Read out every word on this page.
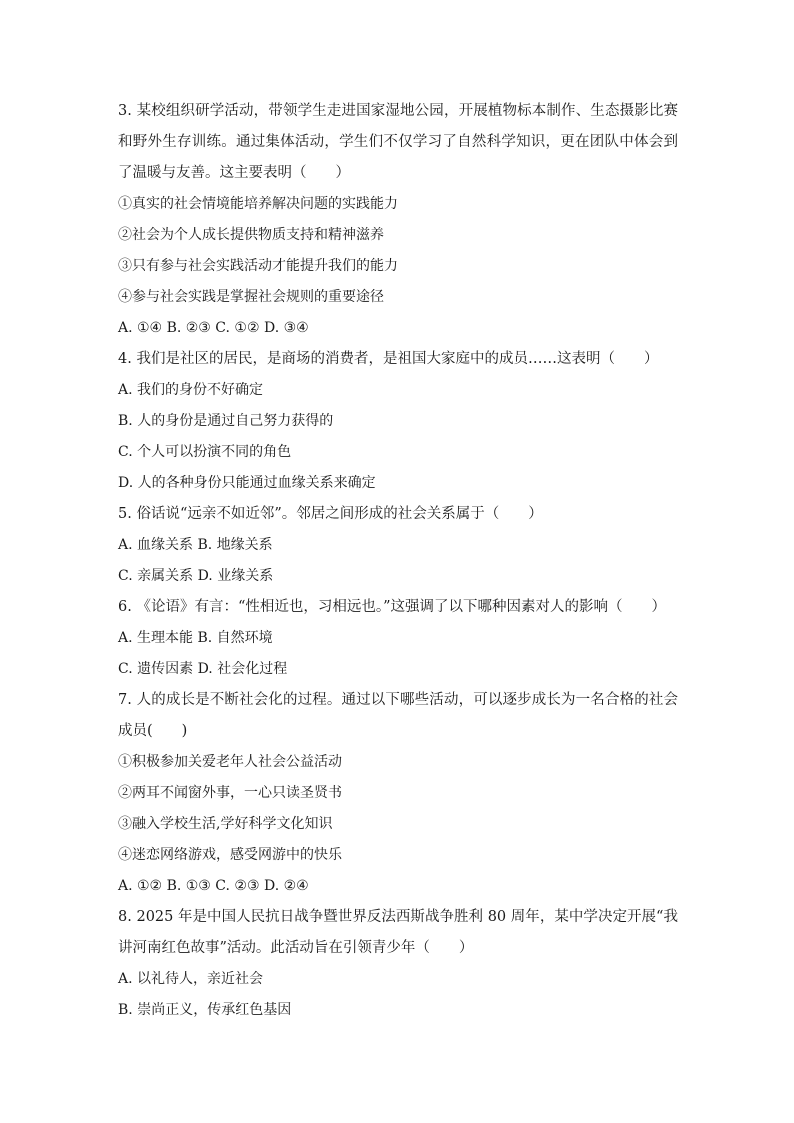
3. 某校组织研学活动，带领学生走进国家湿地公园，开展植物标本制作、生态摄影比赛和野外生存训练。通过集体活动，学生们不仅学习了自然科学知识，更在团队中体会到了温暖与友善。这主要表明（　　）

①真实的社会情境能培养解决问题的实践能力

②社会为个人成长提供物质支持和精神滋养

③只有参与社会实践活动才能提升我们的能力

④参与社会实践是掌握社会规则的重要途径

A. ①④ B. ②③ C. ①② D. ③④

4. 我们是社区的居民，是商场的消费者，是祖国大家庭中的成员……这表明（　　）

A. 我们的身份不好确定

B. 人的身份是通过自己努力获得的

C. 个人可以扮演不同的角色

D. 人的各种身份只能通过血缘关系来确定

5. 俗话说“远亲不如近邻”。邻居之间形成的社会关系属于（　　）

A. 血缘关系 B. 地缘关系

C. 亲属关系 D. 业缘关系

6. 《论语》有言：“性相近也，习相远也。”这强调了以下哪种因素对人的影响（　　）

A. 生理本能 B. 自然环境

C. 遗传因素 D. 社会化过程

7. 人的成长是不断社会化的过程。通过以下哪些活动，可以逐步成长为一名合格的社会成员(　　)

①积极参加关爱老年人社会公益活动

②两耳不闻窗外事，一心只读圣贤书

③融入学校生活,学好科学文化知识

④迷恋网络游戏，感受网游中的快乐

A. ①② B. ①③ C. ②③ D. ②④

8. 2025 年是中国人民抗日战争暨世界反法西斯战争胜利 80 周年，某中学决定开展“我讲河南红色故事”活动。此活动旨在引领青少年（　　）

A. 以礼待人，亲近社会

B. 崇尚正义，传承红色基因
